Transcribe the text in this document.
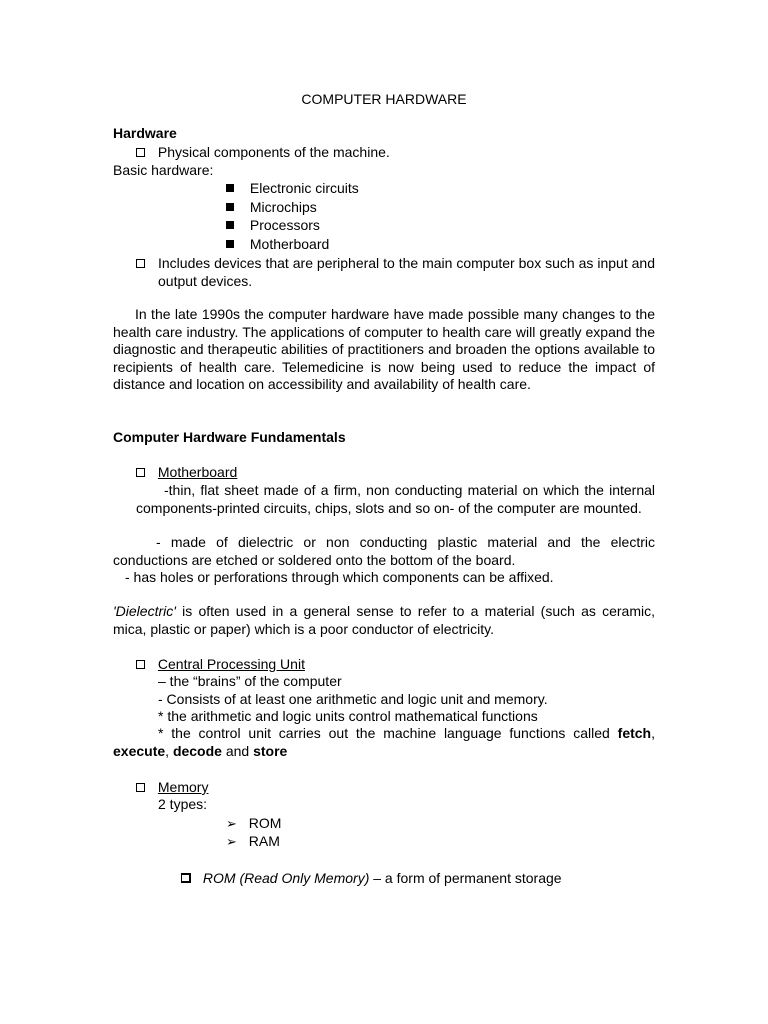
COMPUTER HARDWARE
Hardware
Physical components of the machine.
Basic hardware:
Electronic circuits
Microchips
Processors
Motherboard
Includes devices that are peripheral to the main computer box such as input and output devices.
In the late 1990s the computer hardware have made possible many changes to the health care industry. The applications of computer to health care will greatly expand the diagnostic and therapeutic abilities of practitioners and broaden the options available to recipients of health care. Telemedicine is now being used to reduce the impact of distance and location on accessibility and availability of health care.
Computer Hardware Fundamentals
Motherboard
-thin, flat sheet made of a firm, non conducting material on which the internal components-printed circuits, chips, slots and so on- of the computer are mounted.
- made of dielectric or non conducting plastic material and the electric conductions are etched or soldered onto the bottom of the board.
- has holes or perforations through which components can be affixed.
'Dielectric' is often used in a general sense to refer to a material (such as ceramic, mica, plastic or paper) which is a poor conductor of electricity.
Central Processing Unit
– the “brains” of the computer
- Consists of at least one arithmetic and logic unit and memory.
* the arithmetic and logic units control mathematical functions
* the control unit carries out the machine language functions called fetch, execute, decode and store
Memory
2 types:
➢ ROM
➢ RAM
ROM (Read Only Memory) – a form of permanent storage
